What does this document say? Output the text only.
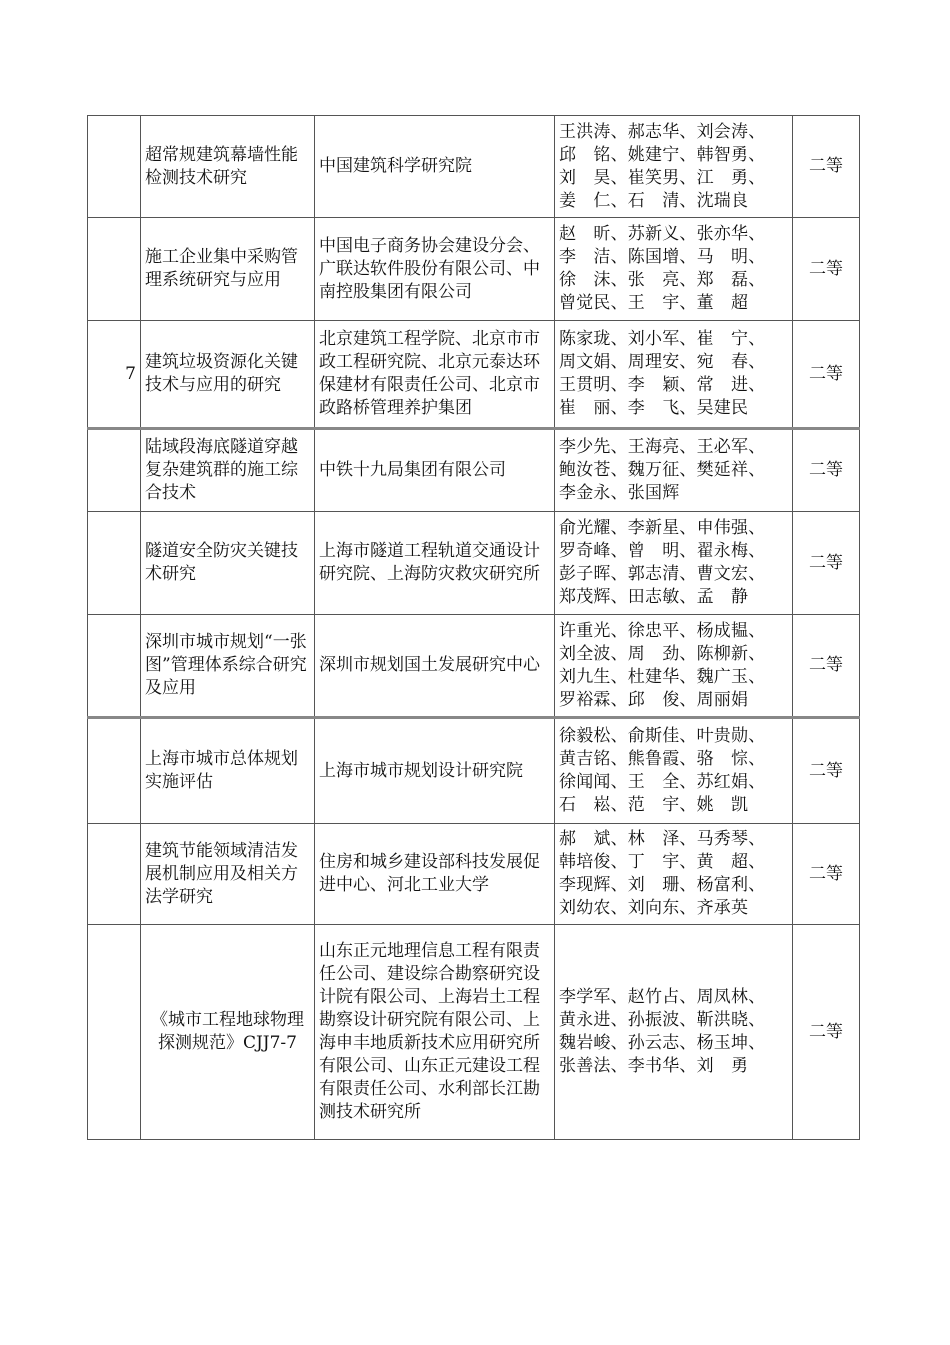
	超常规建筑幕墙性能检测技术研究	中国建筑科学研究院	王洪涛、郝志华、刘会涛、
邱　铭、姚建宁、韩智勇、
刘　昊、崔笑男、江　勇、
姜　仁、石　清、沈瑞良	二等
	施工企业集中采购管理系统研究与应用	中国电子商务协会建设分会、广联达软件股份有限公司、中南控股集团有限公司	赵　昕、苏新义、张亦华、
李　洁、陈国增、马　明、
徐　沫、张　亮、郑　磊、
曾觉民、王　宇、董　超	二等
7	建筑垃圾资源化关键技术与应用的研究	北京建筑工程学院、北京市市政工程研究院、北京元泰达环保建材有限责任公司、北京市政路桥管理养护集团	陈家珑、刘小军、崔　宁、
周文娟、周理安、宛　春、
王贯明、李　颖、常　进、
崔　丽、李　飞、吴建民	二等
	陆域段海底隧道穿越复杂建筑群的施工综合技术	中铁十九局集团有限公司	李少先、王海亮、王必军、
鲍汝苍、魏万征、樊延祥、
李金永、张国辉	二等
	隧道安全防灾关键技术研究	上海市隧道工程轨道交通设计研究院、上海防灾救灾研究所	俞光耀、李新星、申伟强、
罗奇峰、曾　明、翟永梅、
彭子晖、郭志清、曹文宏、
郑茂辉、田志敏、孟　静	二等
	深圳市城市规划“一张图”管理体系综合研究及应用	深圳市规划国土发展研究中心	许重光、徐忠平、杨成韫、
刘全波、周　劲、陈柳新、
刘九生、杜建华、魏广玉、
罗裕霖、邱　俊、周丽娟	二等
	上海市城市总体规划实施评估	上海市城市规划设计研究院	徐毅松、俞斯佳、叶贵勋、
黄吉铭、熊鲁霞、骆　悰、
徐闻闻、王　全、苏红娟、
石　崧、范　宇、姚　凯	二等
	建筑节能领域清洁发展机制应用及相关方法学研究	住房和城乡建设部科技发展促进中心、河北工业大学	郝　斌、林　泽、马秀琴、
韩培俊、丁　宇、黄　超、
李现辉、刘　珊、杨富利、
刘幼农、刘向东、齐承英	二等
	《城市工程地球物理探测规范》CJJ7-7	山东正元地理信息工程有限责任公司、建设综合勘察研究设计院有限公司、上海岩土工程勘察设计研究院有限公司、上海申丰地质新技术应用研究所有限公司、山东正元建设工程有限责任公司、水利部长江勘测技术研究所	李学军、赵竹占、周凤林、
黄永进、孙振波、靳洪晓、
魏岩峻、孙云志、杨玉坤、
张善法、李书华、刘　勇	二等
